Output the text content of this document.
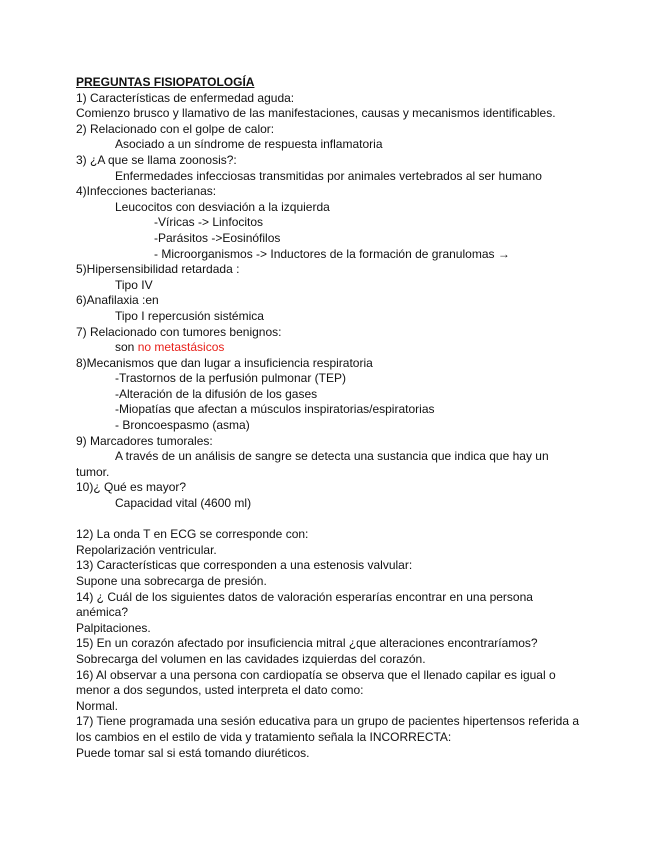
PREGUNTAS FISIOPATOLOGÍA
1) Características de enfermedad aguda:
Comienzo brusco y llamativo de las manifestaciones, causas y mecanismos identificables.
2) Relacionado con el golpe de calor:
Asociado a un síndrome de respuesta inflamatoria
3) ¿A que se llama zoonosis?:
Enfermedades infecciosas transmitidas por animales vertebrados al ser humano
4)Infecciones bacterianas:
Leucocitos con desviación a la izquierda
-Víricas -> Linfocitos
-Parásitos ->Eosinófilos
- Microorganismos -> Inductores de la formación de granulomas →
5)Hipersensibilidad retardada :
Tipo IV
6)Anafilaxia :en
Tipo I repercusión sistémica
7) Relacionado con tumores benignos:
son no metastásicos
8)Mecanismos que dan lugar a insuficiencia respiratoria
-Trastornos de la perfusión pulmonar (TEP)
-Alteración de la difusión de los gases
-Miopatías que afectan a músculos inspiratorias/espiratorias
- Broncoespasmo (asma)
9) Marcadores tumorales:
A través de un análisis de sangre se detecta una sustancia que indica que hay un
tumor.
10)¿ Qué es mayor?
Capacidad vital (4600 ml)
12) La onda T en ECG se corresponde con:
Repolarización ventricular.
13) Características que corresponden a una estenosis valvular:
Supone una sobrecarga de presión.
14) ¿ Cuál de los siguientes datos de valoración esperarías encontrar en una persona
anémica?
Palpitaciones.
15) En un corazón afectado por insuficiencia mitral ¿que alteraciones encontraríamos?
Sobrecarga del volumen en las cavidades izquierdas del corazón.
16) Al observar a una persona con cardiopatía se observa que el llenado capilar es igual o
menor a dos segundos, usted interpreta el dato como:
Normal.
17) Tiene programada una sesión educativa para un grupo de pacientes hipertensos referida a
los cambios en el estilo de vida y tratamiento señala la INCORRECTA:
Puede tomar sal si está tomando diuréticos.
